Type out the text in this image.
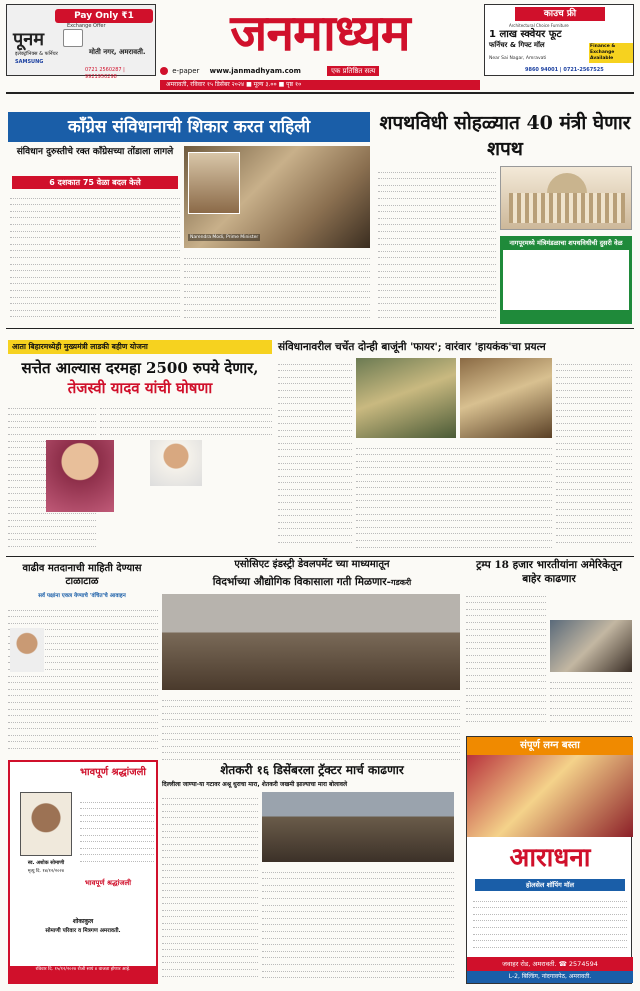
Pay Only ₹1
Exchange Offer
पूनम
इलेक्ट्रॉनिक्स & फर्निचर
SAMSUNG
मोती नगर, अमरावती.
0721 2560287 | 9921950298
जनमाध्यम
e-paper www.janmadhyam.com	एक प्रतिष्ठित सत्य
काउच फ्री
Architectural Choice Furniture
1 लाख स्क्वेयर फूट
फर्निचर & गिफ्ट मॉल	Finance & Exchange Available
Near Sai Nagar, Amravati
9860 94001 | 0721-2567525
अमरावती, रविवार १५ डिसेंबर २०२४ ■ मूल्य ३.०० ■ पृष्ठ १०
कॉंग्रेस संविधानाची शिकार करत राहिली
संविधान दुरुस्तीचे रक्त कॉंग्रेसच्या तोंडाला लागले
6 दशकात 75 वेळा बदल केले
Narendra Modi, Prime Minister
शपथविधी सोहळ्यात 40 मंत्री घेणार शपथ
नागपूरमध्ये मंत्रिमंडळाचा शपथविधीची दुसरी वेळ
आता बिहारमध्येही मुख्यमंत्री लाडकी बहीण योजना
सत्तेत आल्यास दरमहा 2500 रुपये देणार,
तेजस्वी यादव यांची घोषणा
संविधानावरील चर्चेत दोन्ही बाजूंनी 'फायर'; वारंवार 'हायकंक'चा प्रयत्न
वाढीव मतदानाची माहिती देण्यास टाळाटाळ
सर्व पक्षांना एकत्र येण्याचे 'वंचित'चे आवाहन
एसोसिएट इंडस्ट्री डेवलपमेंट च्या माध्यमातून
विदर्भाच्या औद्योगिक विकासाला गती मिळणार-गडकरी
ट्रम्प 18 हजार भारतीयांना अमेरिकेतून बाहेर काढणार
शेतकरी १६ डिसेंबरला ट्रॅक्टर मार्च काढणार
दिल्लीला जाण्या-या गटावर अश्रू धुराचा मारा, शेतकरी जखमी झाल्याचा मारा बोलावले
भावपूर्ण श्रद्धांजली
स्व. अशोक सोमाणी
मृत्यु दि. १४/१२/२०२४
भावपूर्ण श्रद्धांजली
शोकाकुल
सोमाणी परिवार व मित्रगण अमरावती.
रविवार दि. १५/१२/२०२४ रोजी सायं ४ वाजता होणार आहे.
संपूर्ण लग्न बस्ता
आराधना
होलसेल शॉपिंग मॉल
जवाहर रोड, अमरावती. ☎ 2574594
L-2, बिल्डिंग, नांदगावपेठ, अमरावती.
